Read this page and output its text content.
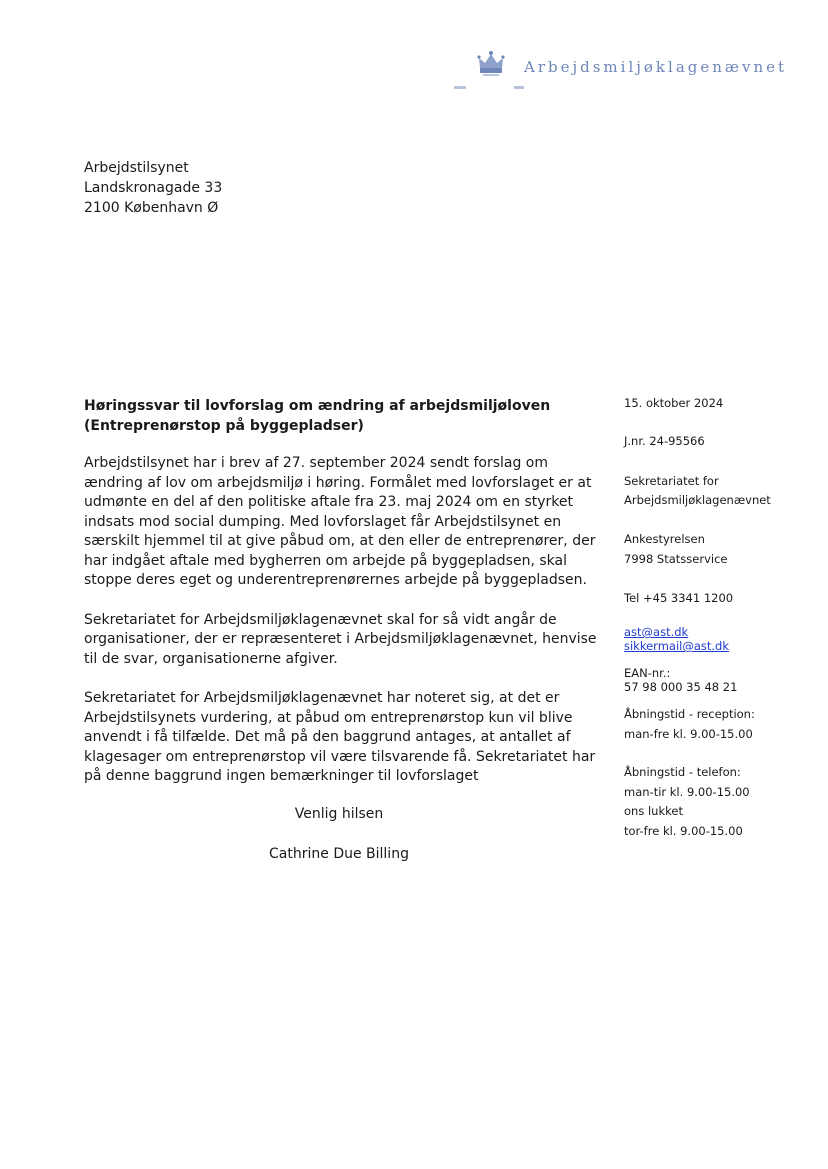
Arbejdsmiljøklagenævnet
Arbejdstilsynet
Landskronagade 33
2100 København Ø
Høringssvar til lovforslag om ændring af arbejdsmiljøloven
(Entreprenørstop på byggepladser)

Arbejdstilsynet har i brev af 27. september 2024 sendt forslag om ændring af lov om arbejdsmiljø i høring. Formålet med lovforslaget er at udmønte en del af den politiske aftale fra 23. maj 2024 om en styrket indsats mod social dumping. Med lovforslaget får Arbejdstilsynet en særskilt hjemmel til at give påbud om, at den eller de entreprenører, der har indgået aftale med bygherren om arbejde på byggepladsen, skal stoppe deres eget og underentreprenørernes arbejde på byggepladsen.

Sekretariatet for Arbejdsmiljøklagenævnet skal for så vidt angår de organisationer, der er repræsenteret i Arbejdsmiljøklagenævnet, henvise til de svar, organisationerne afgiver.

Sekretariatet for Arbejdsmiljøklagenævnet har noteret sig, at det er Arbejdstilsynets vurdering, at påbud om entreprenørstop kun vil blive anvendt i få tilfælde. Det må på den baggrund antages, at antallet af klagesager om entreprenørstop vil være tilsvarende få. Sekretariatet har på denne baggrund ingen bemærkninger til lovforslaget

Venlig hilsen
Cathrine Due Billing
15. oktober 2024
J.nr. 24-95566
Sekretariatet for
Arbejdsmiljøklagenævnet
Ankestyrelsen
7998 Statsservice
Tel +45 3341 1200
ast@ast.dk
sikkermail@ast.dk
EAN-nr.:
57 98 000 35 48 21
Åbningstid - reception:
man-fre kl. 9.00-15.00
Åbningstid - telefon:
man-tir kl. 9.00-15.00
ons lukket
tor-fre kl. 9.00-15.00
